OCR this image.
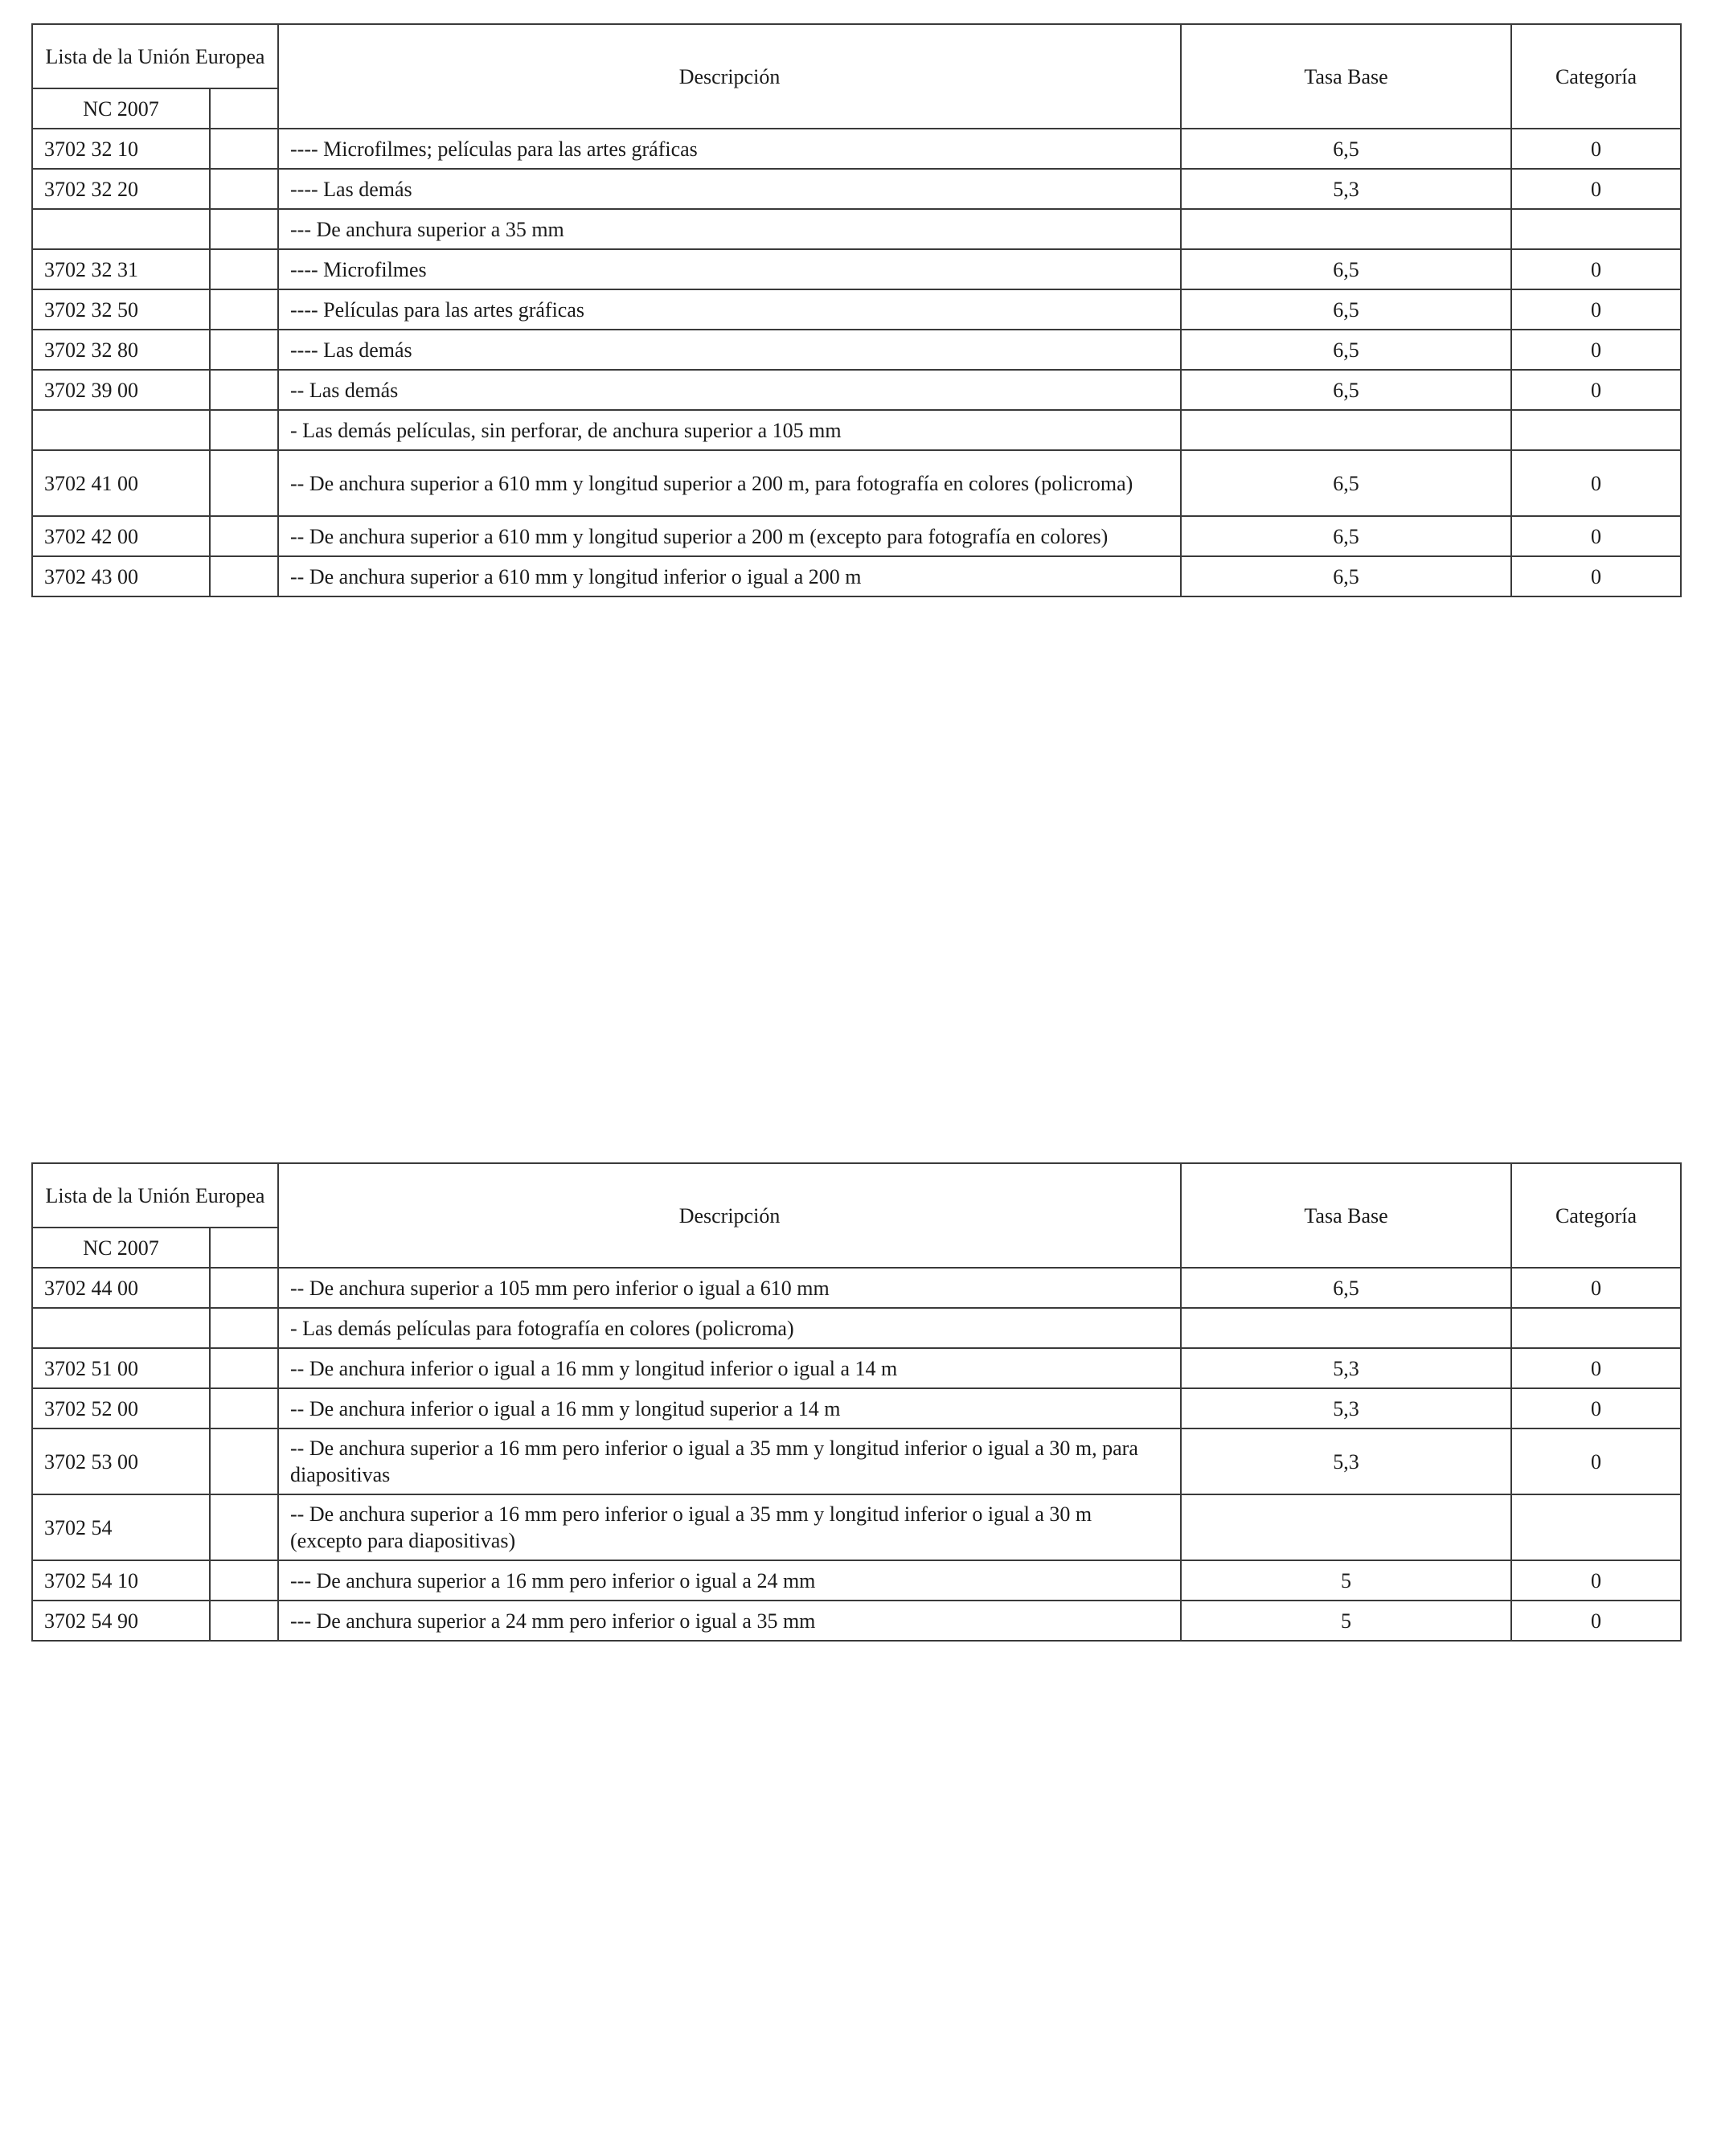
Lista de la Unión Europea		Descripción	Tasa Base	Categoría
NC 2007				
3702 32 10		---- Microfilmes; películas para las artes gráficas	6,5	0
3702 32 20		---- Las demás	5,3	0
		--- De anchura superior a 35 mm		
3702 32 31		---- Microfilmes	6,5	0
3702 32 50		---- Películas para las artes gráficas	6,5	0
3702 32 80		---- Las demás	6,5	0
3702 39 00		-- Las demás	6,5	0
		- Las demás películas, sin perforar, de anchura superior a 105 mm		
3702 41 00		-- De anchura superior a 610 mm y longitud superior a 200 m, para fotografía en colores (policroma)	6,5	0
3702 42 00		-- De anchura superior a 610 mm y longitud superior a 200 m (excepto para fotografía en colores)	6,5	0
3702 43 00		-- De anchura superior a 610 mm y longitud inferior o igual a 200 m	6,5	0
Lista de la Unión Europea		Descripción	Tasa Base	Categoría
NC 2007				
3702 44 00		-- De anchura superior a 105 mm pero inferior o igual a 610 mm	6,5	0
		- Las demás películas para fotografía en colores (policroma)		
3702 51 00		-- De anchura inferior o igual a 16 mm y longitud inferior o igual a 14 m	5,3	0
3702 52 00		-- De anchura inferior o igual a 16 mm y longitud superior a 14 m	5,3	0
3702 53 00		-- De anchura superior a 16 mm pero inferior o igual a 35 mm y longitud inferior o igual a 30 m, para diapositivas	5,3	0
3702 54		-- De anchura superior a 16 mm pero inferior o igual a 35 mm y longitud inferior o igual a 30 m (excepto para diapositivas)		
3702 54 10		--- De anchura superior a 16 mm pero inferior o igual a 24 mm	5	0
3702 54 90		--- De anchura superior a 24 mm pero inferior o igual a 35 mm	5	0
